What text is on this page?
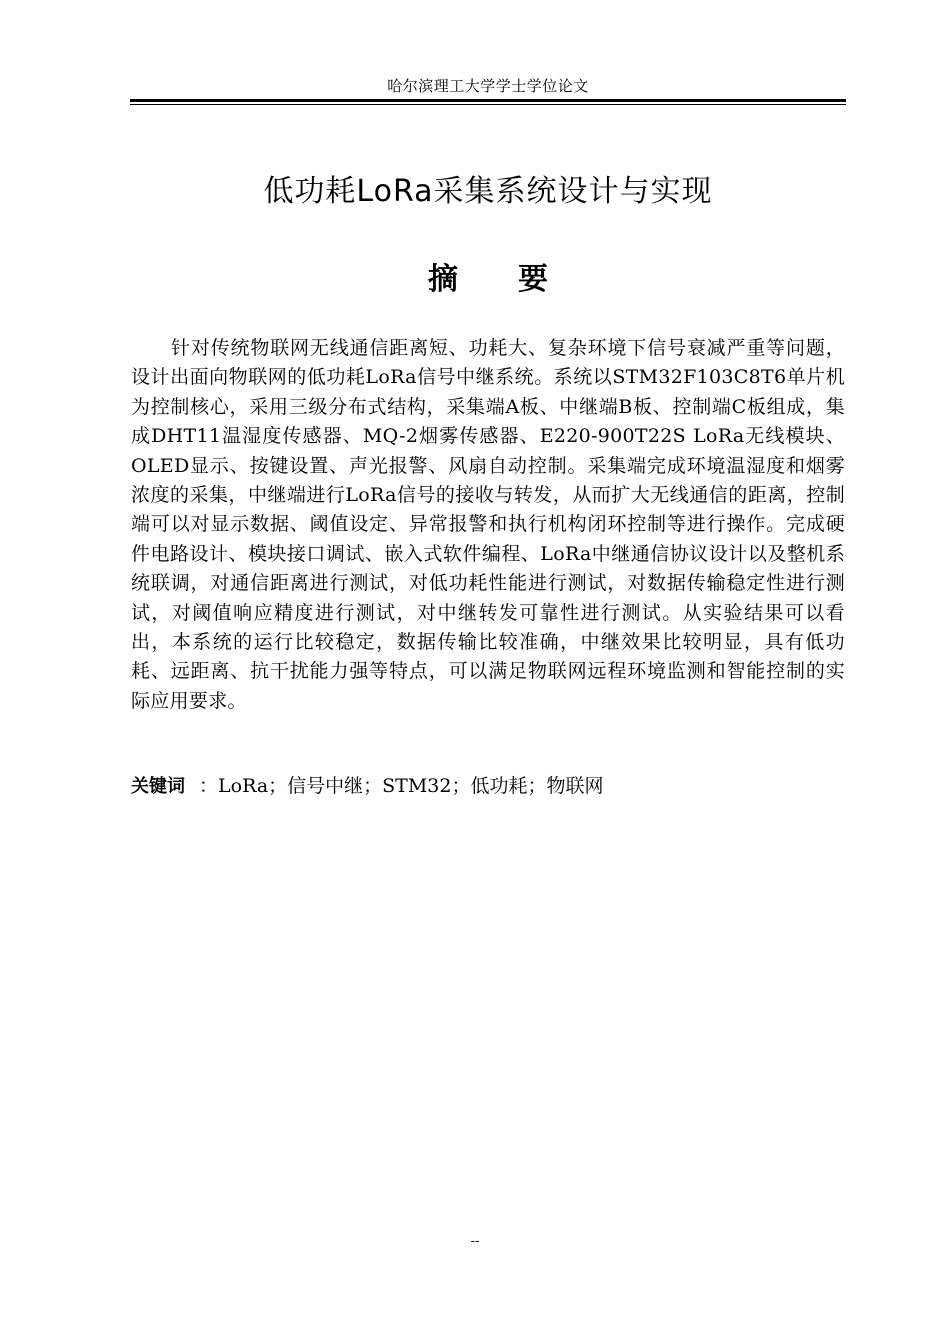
哈尔滨理工大学学士学位论文
低功耗LoRa采集系统设计与实现
摘 要
针对传统物联网无线通信距离短、功耗大、复杂环境下信号衰减严重等问题，设计出面向物联网的低功耗LoRa信号中继系统。系统以STM32F103C8T6单片机为控制核心，采用三级分布式结构，采集端A板、中继端B板、控制端C板组成，集成DHT11温湿度传感器、MQ-2烟雾传感器、E220-900T22S LoRa无线模块、OLED显示、按键设置、声光报警、风扇自动控制。采集端完成环境温湿度和烟雾浓度的采集，中继端进行LoRa信号的接收与转发，从而扩大无线通信的距离，控制端可以对显示数据、阈值设定、异常报警和执行机构闭环控制等进行操作。完成硬件电路设计、模块接口调试、嵌入式软件编程、LoRa中继通信协议设计以及整机系统联调，对通信距离进行测试，对低功耗性能进行测试，对数据传输稳定性进行测试，对阈值响应精度进行测试，对中继转发可靠性进行测试。从实验结果可以看出，本系统的运行比较稳定，数据传输比较准确，中继效果比较明显，具有低功耗、远距离、抗干扰能力强等特点，可以满足物联网远程环境监测和智能控制的实际应用要求。
关键词 ：LoRa；信号中继；STM32；低功耗；物联网
--
